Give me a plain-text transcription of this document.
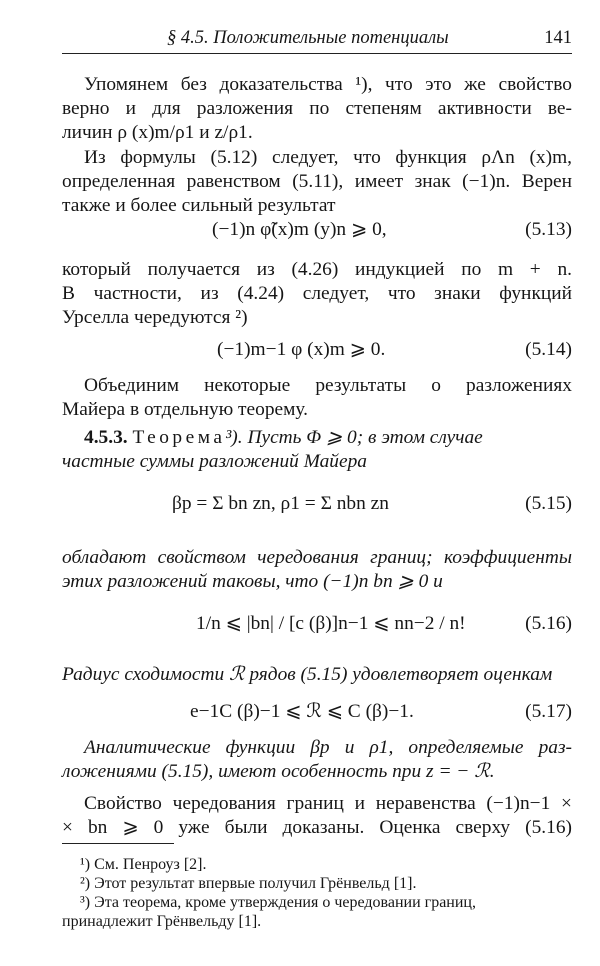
§ 4.5. Положительные потенциалы	141
Упомянем без доказательства ¹), что это же свойство
верно и для разложения по степеням активности ве-
личин ρ (x)m/ρ1 и z/ρ1.
Из формулы (5.12) следует, что функция ρΛn (x)m,
определенная равенством (5.11), имеет знак (−1)n. Верен
также и более сильный результат
(−1)n φ̃(x)m (y)n ⩾ 0,	(5.13)
который получается из (4.26) индукцией по m + n.
В частности, из (4.24) следует, что знаки функций
Урселла чередуются ²)
(−1)m−1 φ (x)m ⩾ 0.	(5.14)
Объединим некоторые результаты о разложениях
Майера в отдельную теорему.
4.5.3. Теорема³). Пусть Φ ⩾ 0; в этом случае
частные суммы разложений Майера
βp = Σ bn zn, ρ1 = Σ nbn zn	(5.15)
обладают свойством чередования границ; коэффициенты
этих разложений таковы, что (−1)n bn ⩾ 0 и
1/n ⩽ |bn| / [c (β)]n−1 ⩽ nn−2 / n!	(5.16)
Радиус сходимости ℛ рядов (5.15) удовлетворяет оценкам
e−1C (β)−1 ⩽ ℛ ⩽ C (β)−1.	(5.17)
Аналитические функции βp и ρ1, определяемые раз-
ложениями (5.15), имеют особенность при z = − ℛ.
Свойство чередования границ и неравенства (−1)n−1 ×
× bn ⩾ 0 уже были доказаны. Оценка сверху (5.16)
¹) См. Пенроуз [2].
²) Этот результат впервые получил Грёнвельд [1].
³) Эта теорема, кроме утверждения о чередовании границ,
принадлежит Грёнвельду [1].
